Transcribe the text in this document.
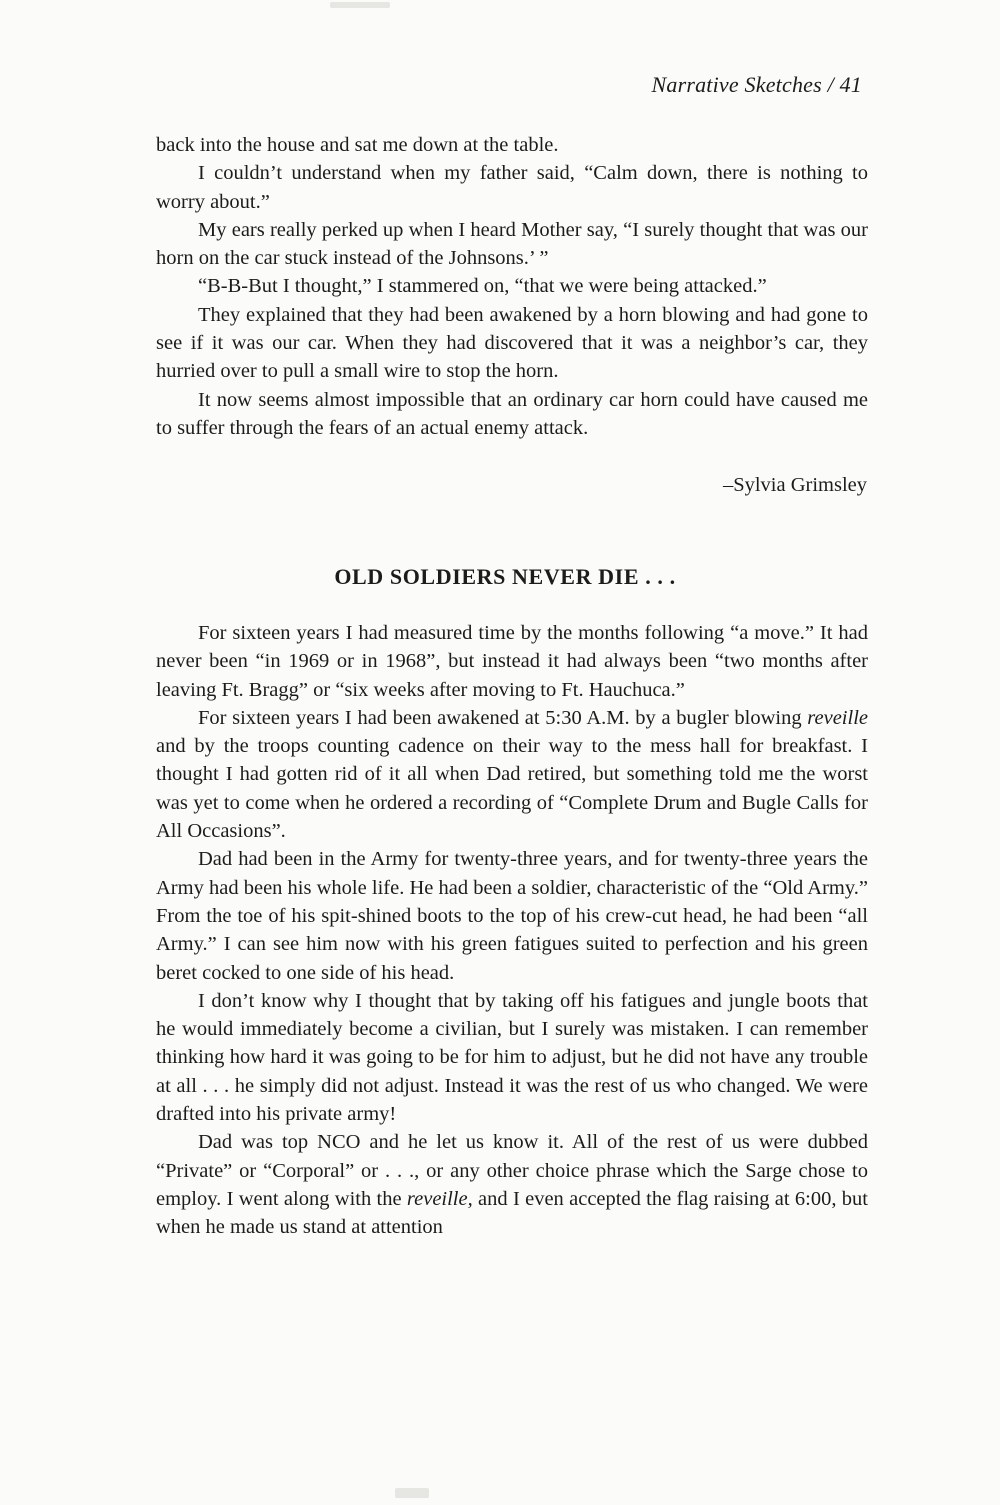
Narrative Sketches / 41

back into the house and sat me down at the table.

I couldn’t understand when my father said, “Calm down, there is nothing to worry about.”

My ears really perked up when I heard Mother say, “I surely thought that was our horn on the car stuck instead of the Johnsons.’ ”

“B-B-But I thought,” I stammered on, “that we were being attacked.”

They explained that they had been awakened by a horn blowing and had gone to see if it was our car. When they had discovered that it was a neighbor’s car, they hurried over to pull a small wire to stop the horn.

It now seems almost impossible that an ordinary car horn could have caused me to suffer through the fears of an actual enemy attack.

–Sylvia Grimsley
OLD SOLDIERS NEVER DIE . . .

For sixteen years I had measured time by the months following “a move.” It had never been “in 1969 or in 1968”, but instead it had always been “two months after leaving Ft. Bragg” or “six weeks after moving to Ft. Hauchuca.”

For sixteen years I had been awakened at 5:30 A.M. by a bugler blowing reveille and by the troops counting cadence on their way to the mess hall for breakfast. I thought I had gotten rid of it all when Dad retired, but something told me the worst was yet to come when he ordered a recording of “Complete Drum and Bugle Calls for All Occasions”.

Dad had been in the Army for twenty-three years, and for twenty-three years the Army had been his whole life. He had been a soldier, characteristic of the “Old Army.” From the toe of his spit-shined boots to the top of his crew-cut head, he had been “all Army.” I can see him now with his green fatigues suited to perfection and his green beret cocked to one side of his head.

I don’t know why I thought that by taking off his fatigues and jungle boots that he would immediately become a civilian, but I surely was mistaken. I can remember thinking how hard it was going to be for him to adjust, but he did not have any trouble at all . . . he simply did not adjust. Instead it was the rest of us who changed. We were drafted into his private army!

Dad was top NCO and he let us know it. All of the rest of us were dubbed “Private” or “Corporal” or . . ., or any other choice phrase which the Sarge chose to employ. I went along with the reveille, and I even accepted the flag raising at 6:00, but when he made us stand at attention
